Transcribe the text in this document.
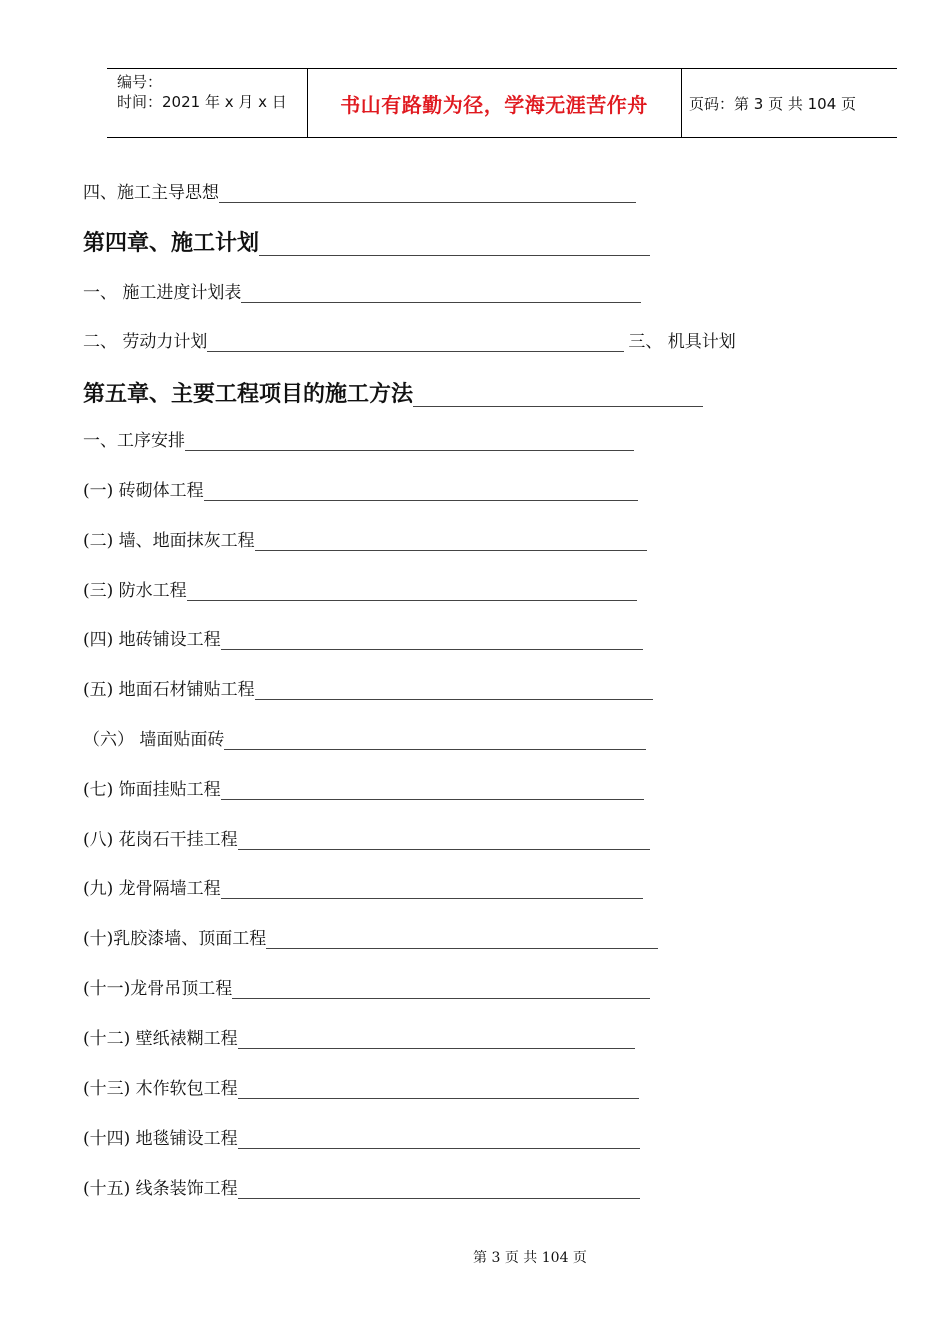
编号：
时间：2021 年 x 月 x 日	书山有路勤为径，学海无涯苦作舟	页码：第 3 页 共 104 页
四、施工主导思想
第四章、施工计划
一、 施工进度计划表
二、 劳动力计划	三、 机具计划
第五章、主要工程项目的施工方法
一、工序安排
(一) 砖砌体工程
(二) 墙、地面抹灰工程
(三) 防水工程
(四) 地砖铺设工程
(五) 地面石材铺贴工程
（六） 墙面贴面砖
(七) 饰面挂贴工程
(八) 花岗石干挂工程
(九) 龙骨隔墙工程
(十)乳胶漆墙、顶面工程
(十一)龙骨吊顶工程
(十二) 壁纸裱糊工程
(十三) 木作软包工程
(十四) 地毯铺设工程
(十五) 线条装饰工程
第 3 页 共 104 页
